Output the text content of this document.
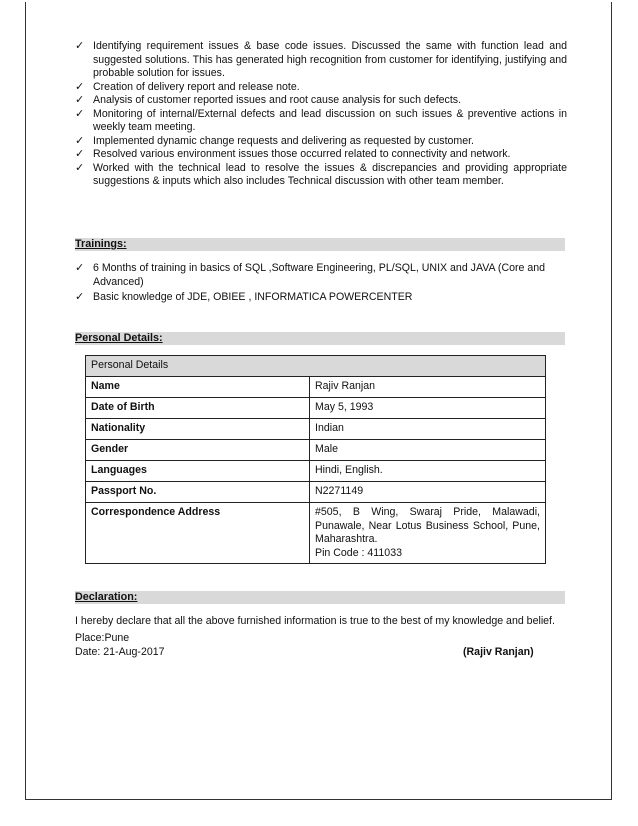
✓ Identifying requirement issues & base code issues. Discussed the same with function lead and suggested solutions. This has generated high recognition from customer for identifying, justifying and probable solution for issues.
✓ Creation of delivery report and release note.
✓ Analysis of customer reported issues and root cause analysis for such defects.
✓ Monitoring of internal/External defects and lead discussion on such issues & preventive actions in weekly team meeting.
✓ Implemented dynamic change requests and delivering as requested by customer.
✓ Resolved various environment issues those occurred related to connectivity and network.
✓ Worked with the technical lead to resolve the issues & discrepancies and providing appropriate suggestions & inputs which also includes Technical discussion with other team member.
Trainings:
✓ 6 Months of training in basics of SQL ,Software Engineering, PL/SQL, UNIX and JAVA (Core and Advanced)
✓ Basic knowledge of JDE, OBIEE , INFORMATICA POWERCENTER
Personal Details:
Personal Details	
Name	Rajiv Ranjan
Date of Birth	May 5, 1993
Nationality	Indian
Gender	Male
Languages	Hindi, English.
Passport No.	N2271149
Correspondence Address	#505, B Wing, Swaraj Pride, Malawadi, Punawale, Near Lotus Business School, Pune, Maharashtra.
Pin Code : 411033
Declaration:
I hereby declare that all the above furnished information is true to the best of my knowledge and belief.
Place:Pune
Date: 21-Aug-2017	(Rajiv Ranjan)
